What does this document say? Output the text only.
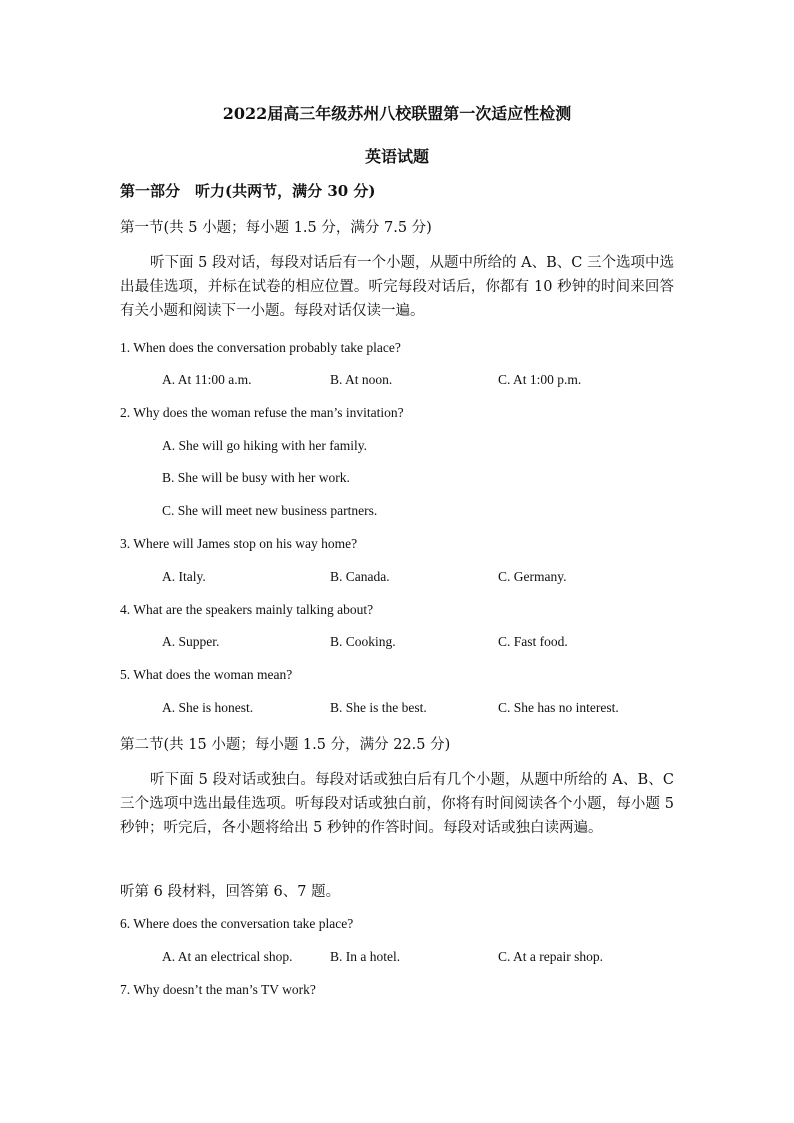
2022届高三年级苏州八校联盟第一次适应性检测
英语试题
第一部分　听力(共两节，满分 30 分)
第一节(共 5 小题；每小题 1.5 分，满分 7.5 分)
听下面 5 段对话，每段对话后有一个小题，从题中所给的 A、B、C 三个选项中选出最佳选项，并标在试卷的相应位置。听完每段对话后，你都有 10 秒钟的时间来回答有关小题和阅读下一小题。每段对话仅读一遍。
1. When does the conversation probably take place?
A. At 11:00 a.m.	B. At noon.	C. At 1:00 p.m.
2. Why does the woman refuse the man’s invitation?
A. She will go hiking with her family.
B. She will be busy with her work.
C. She will meet new business partners.
3. Where will James stop on his way home?
A. Italy.	B. Canada.	C. Germany.
4. What are the speakers mainly talking about?
A. Supper.	B. Cooking.	C. Fast food.
5. What does the woman mean?
A. She is honest.	B. She is the best.	C. She has no interest.
第二节(共 15 小题；每小题 1.5 分，满分 22.5 分)
听下面 5 段对话或独白。每段对话或独白后有几个小题，从题中所给的 A、B、C 三个选项中选出最佳选项。听每段对话或独白前，你将有时间阅读各个小题，每小题 5 秒钟；听完后，各小题将给出 5 秒钟的作答时间。每段对话或独白读两遍。
听第 6 段材料，回答第 6、7 题。
6. Where does the conversation take place?
A. At an electrical shop.	B. In a hotel.	C. At a repair shop.
7. Why doesn’t the man’s TV work?
